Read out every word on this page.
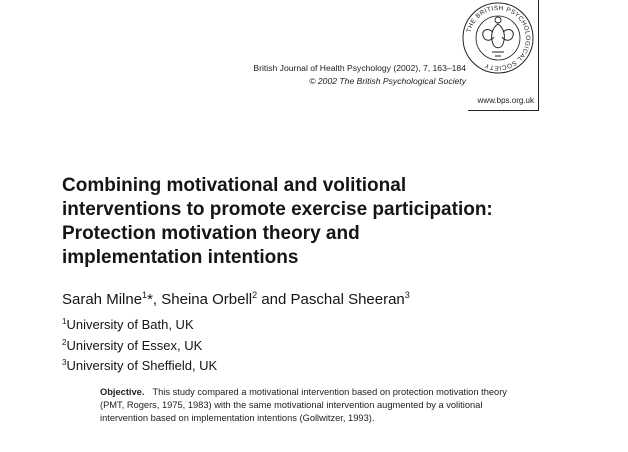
British Journal of Health Psychology (2002), 7, 163–184
© 2002 The British Psychological Society
THE BRITISH PSYCHOLOGICAL SOCIETY
www.bps.org.uk
Combining motivational and volitional
interventions to promote exercise participation:
Protection motivation theory and
implementation intentions
Sarah Milne$^1$*, Sheina Orbell$^2$ and Paschal Sheeran$^3$
$^1$University of Bath, UK
$^2$University of Essex, UK
$^3$University of Sheffield, UK
Objective. This study compared a motivational intervention based on protection motivation theory (PMT, Rogers, 1975, 1983) with the same motivational intervention augmented by a volitional intervention based on implementation intentions (Gollwitzer, 1993).
